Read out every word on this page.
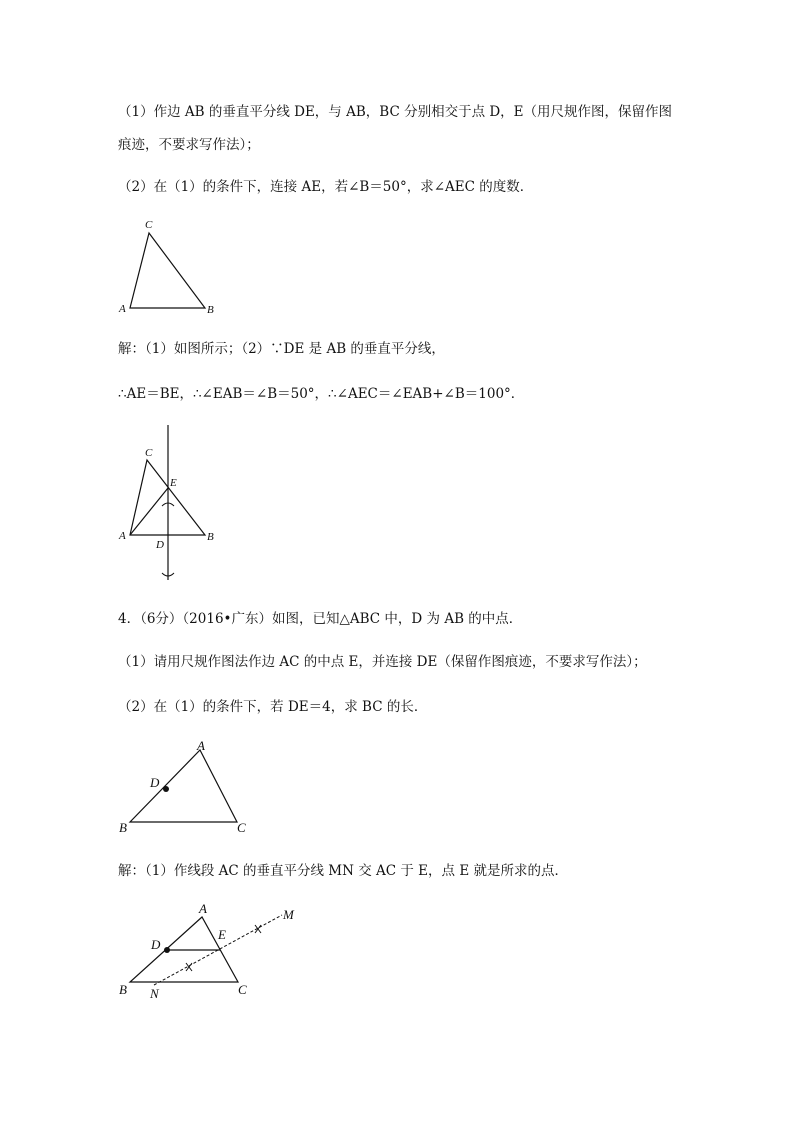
（1）作边 AB 的垂直平分线 DE，与 AB，BC 分别相交于点 D，E（用尺规作图，保留作图
痕迹，不要求写作法）；
（2）在（1）的条件下，连接 AE，若∠B＝50°，求∠AEC 的度数．
C
A	B
解：（1）如图所示；（2）∵DE 是 AB 的垂直平分线，
∴AE＝BE，∴∠EAB＝∠B＝50°，∴∠AEC＝∠EAB+∠B＝100°．
C
E
A	B
D
4．（6分）（2016•广东）如图，已知△ABC 中，D 为 AB 的中点．
（1）请用尺规作图法作边 AC 的中点 E，并连接 DE（保留作图痕迹，不要求写作法）；
（2）在（1）的条件下，若 DE＝4，求 BC 的长．
A
D
B	C
解：（1）作线段 AC 的垂直平分线 MN 交 AC 于 E，点 E 就是所求的点．
A
E
M
D
B N	C
